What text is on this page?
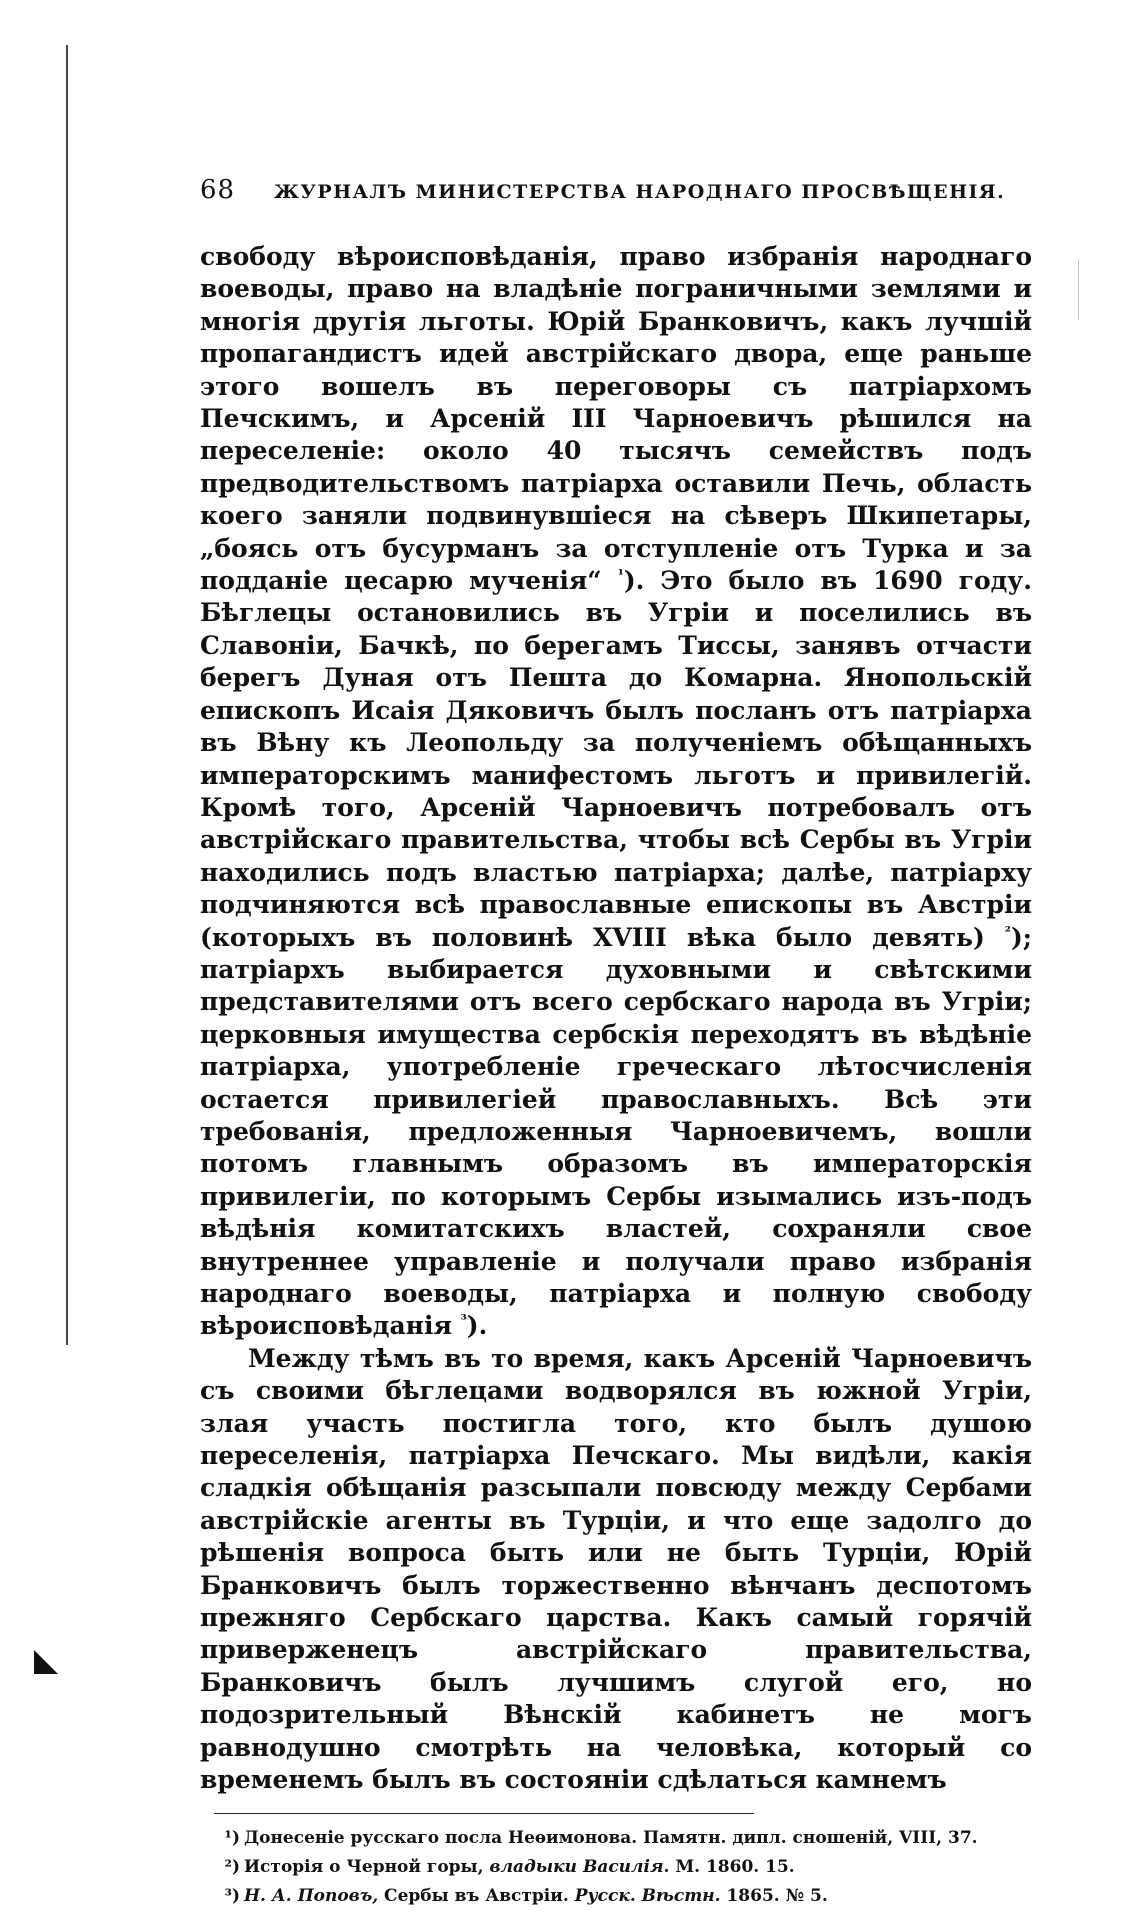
68	ЖУРНАЛЪ МИНИСТЕРСТВА НАРОДНАГО ПРОСВѢЩЕНІЯ.

свободу вѣроисповѣданія, право избранія народнаго воеводы, право на владѣніе пограничными землями и многія другія льготы. Юрій Бранковичъ, какъ лучшій пропагандистъ идей австрійскаго двора, еще раньше этого вошелъ въ переговоры съ патріархомъ Печскимъ, и Арсеній III Чарноевичъ рѣшился на переселеніе: около 40 тысячъ семействъ подъ предводительствомъ патріарха оставили Печь, область коего заняли подвинувшіеся на сѣверъ Шкипетары, „боясь отъ бусурманъ за отступленіе отъ Турка и за подданіе цесарю мученія“ $^{^1}$). Это было въ 1690 году. Бѣглецы остановились въ Угріи и поселились въ Славоніи, Бачкѣ, по берегамъ Тиссы, занявъ отчасти берегъ Дуная отъ Пешта до Комарна. Янопольскій епископъ Исаія Дяковичъ былъ посланъ отъ патріарха въ Вѣну къ Леопольду за полученіемъ обѣщанныхъ императорскимъ манифестомъ льготъ и привилегій. Кромѣ того, Арсеній Чарноевичъ потребовалъ отъ австрійскаго правительства, чтобы всѣ Сербы въ Угріи находились подъ властью патріарха; далѣе, патріарху подчиняются всѣ православные епископы въ Австріи (которыхъ въ половинѣ XVIII вѣка было девять) $^{^2}$); патріархъ выбирается духовными и свѣтскими представителями отъ всего сербскаго народа въ Угріи; церковныя имущества сербскія переходятъ въ вѣдѣніе патріарха, употребленіе греческаго лѣтосчисленія остается привилегіей православныхъ. Всѣ эти требованія, предложенныя Чарноевичемъ, вошли потомъ главнымъ образомъ въ императорскія привилегіи, по которымъ Сербы изымались изъ-подъ вѣдѣнія комитатскихъ властей, сохраняли свое внутреннее управленіе и получали право избранія народнаго воеводы, патріарха и полную свободу вѣроисповѣданія $^{^3}$).

Между тѣмъ въ то время, какъ Арсеній Чарноевичъ съ своими бѣглецами водворялся въ южной Угріи, злая участь постигла того, кто былъ душою переселенія, патріарха Печскаго. Мы видѣли, какія сладкія обѣщанія разсыпали повсюду между Сербами австрійскіе агенты въ Турціи, и что еще задолго до рѣшенія вопроса быть или не быть Турціи, Юрій Бранковичъ былъ торжественно вѣнчанъ деспотомъ прежняго Сербскаго царства. Какъ самый горячій приверженецъ австрійскаго правительства, Бранковичъ былъ лучшимъ слугой его, но подозрительный Вѣнскій кабинетъ не могъ равнодушно смотрѣть на человѣка, который со временемъ былъ въ состояніи сдѣлаться камнемъ

¹) Донесеніе русскаго посла Неѳимонова. Памятн. дипл. сношеній, VIII, 37.
²) Исторія о Черной горы, владыки Василія. М. 1860. 15.
³) Н. А. Поповъ, Сербы въ Австріи. Русск. Вѣстн. 1865. № 5.
